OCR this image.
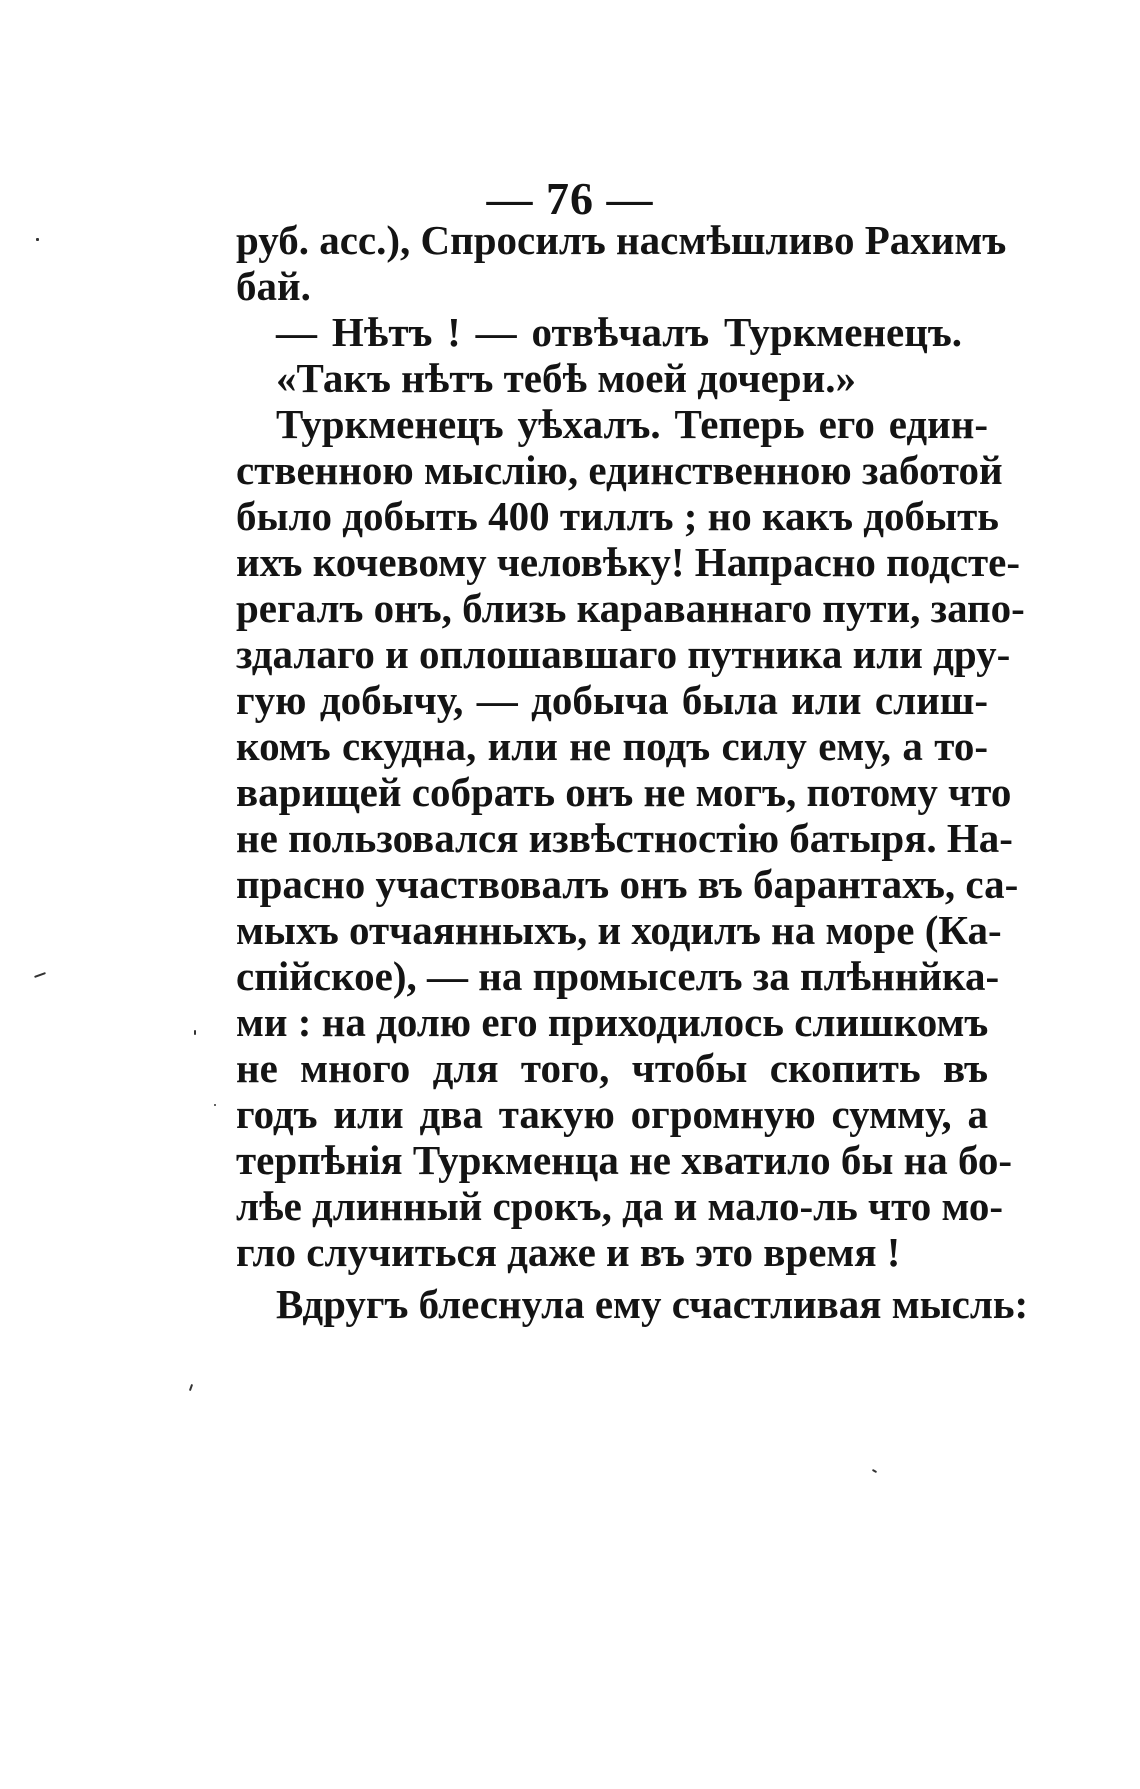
— 76 —
руб. асс.), Спросилъ насмѣшливо Рахимъ
бай.
— Нѣтъ ! — отвѣчалъ Туркменецъ.
«Такъ нѣтъ тебѣ моей дочери.»
Туркменецъ уѣхалъ. Теперь его един-
ственною мыслію, единственною заботой
было добыть 400 тиллъ ; но какъ добыть
ихъ кочевому человѣку! Напрасно подсте-
регалъ онъ, близь караваннаго пути, запо-
здалаго и оплошавшаго путника или дру-
гую добычу, — добыча была или слиш-
комъ скудна, или не подъ силу ему, а то-
варищей собрать онъ не могъ, потому что
не пользовался извѣстностію батыря. На-
прасно участвовалъ онъ въ барантахъ, са-
мыхъ отчаянныхъ, и ходилъ на море (Ка-
спійское), — на промыселъ за плѣннйка-
ми : на долю его приходилось слишкомъ
не много для того, чтобы скопить въ
годъ или два такую огромную сумму, а
терпѣнія Туркменца не хватило бы на бо-
лѣе длинный срокъ, да и мало-ль что мо-
гло случиться даже и въ это время !
Вдругъ блеснула ему счастливая мысль:
